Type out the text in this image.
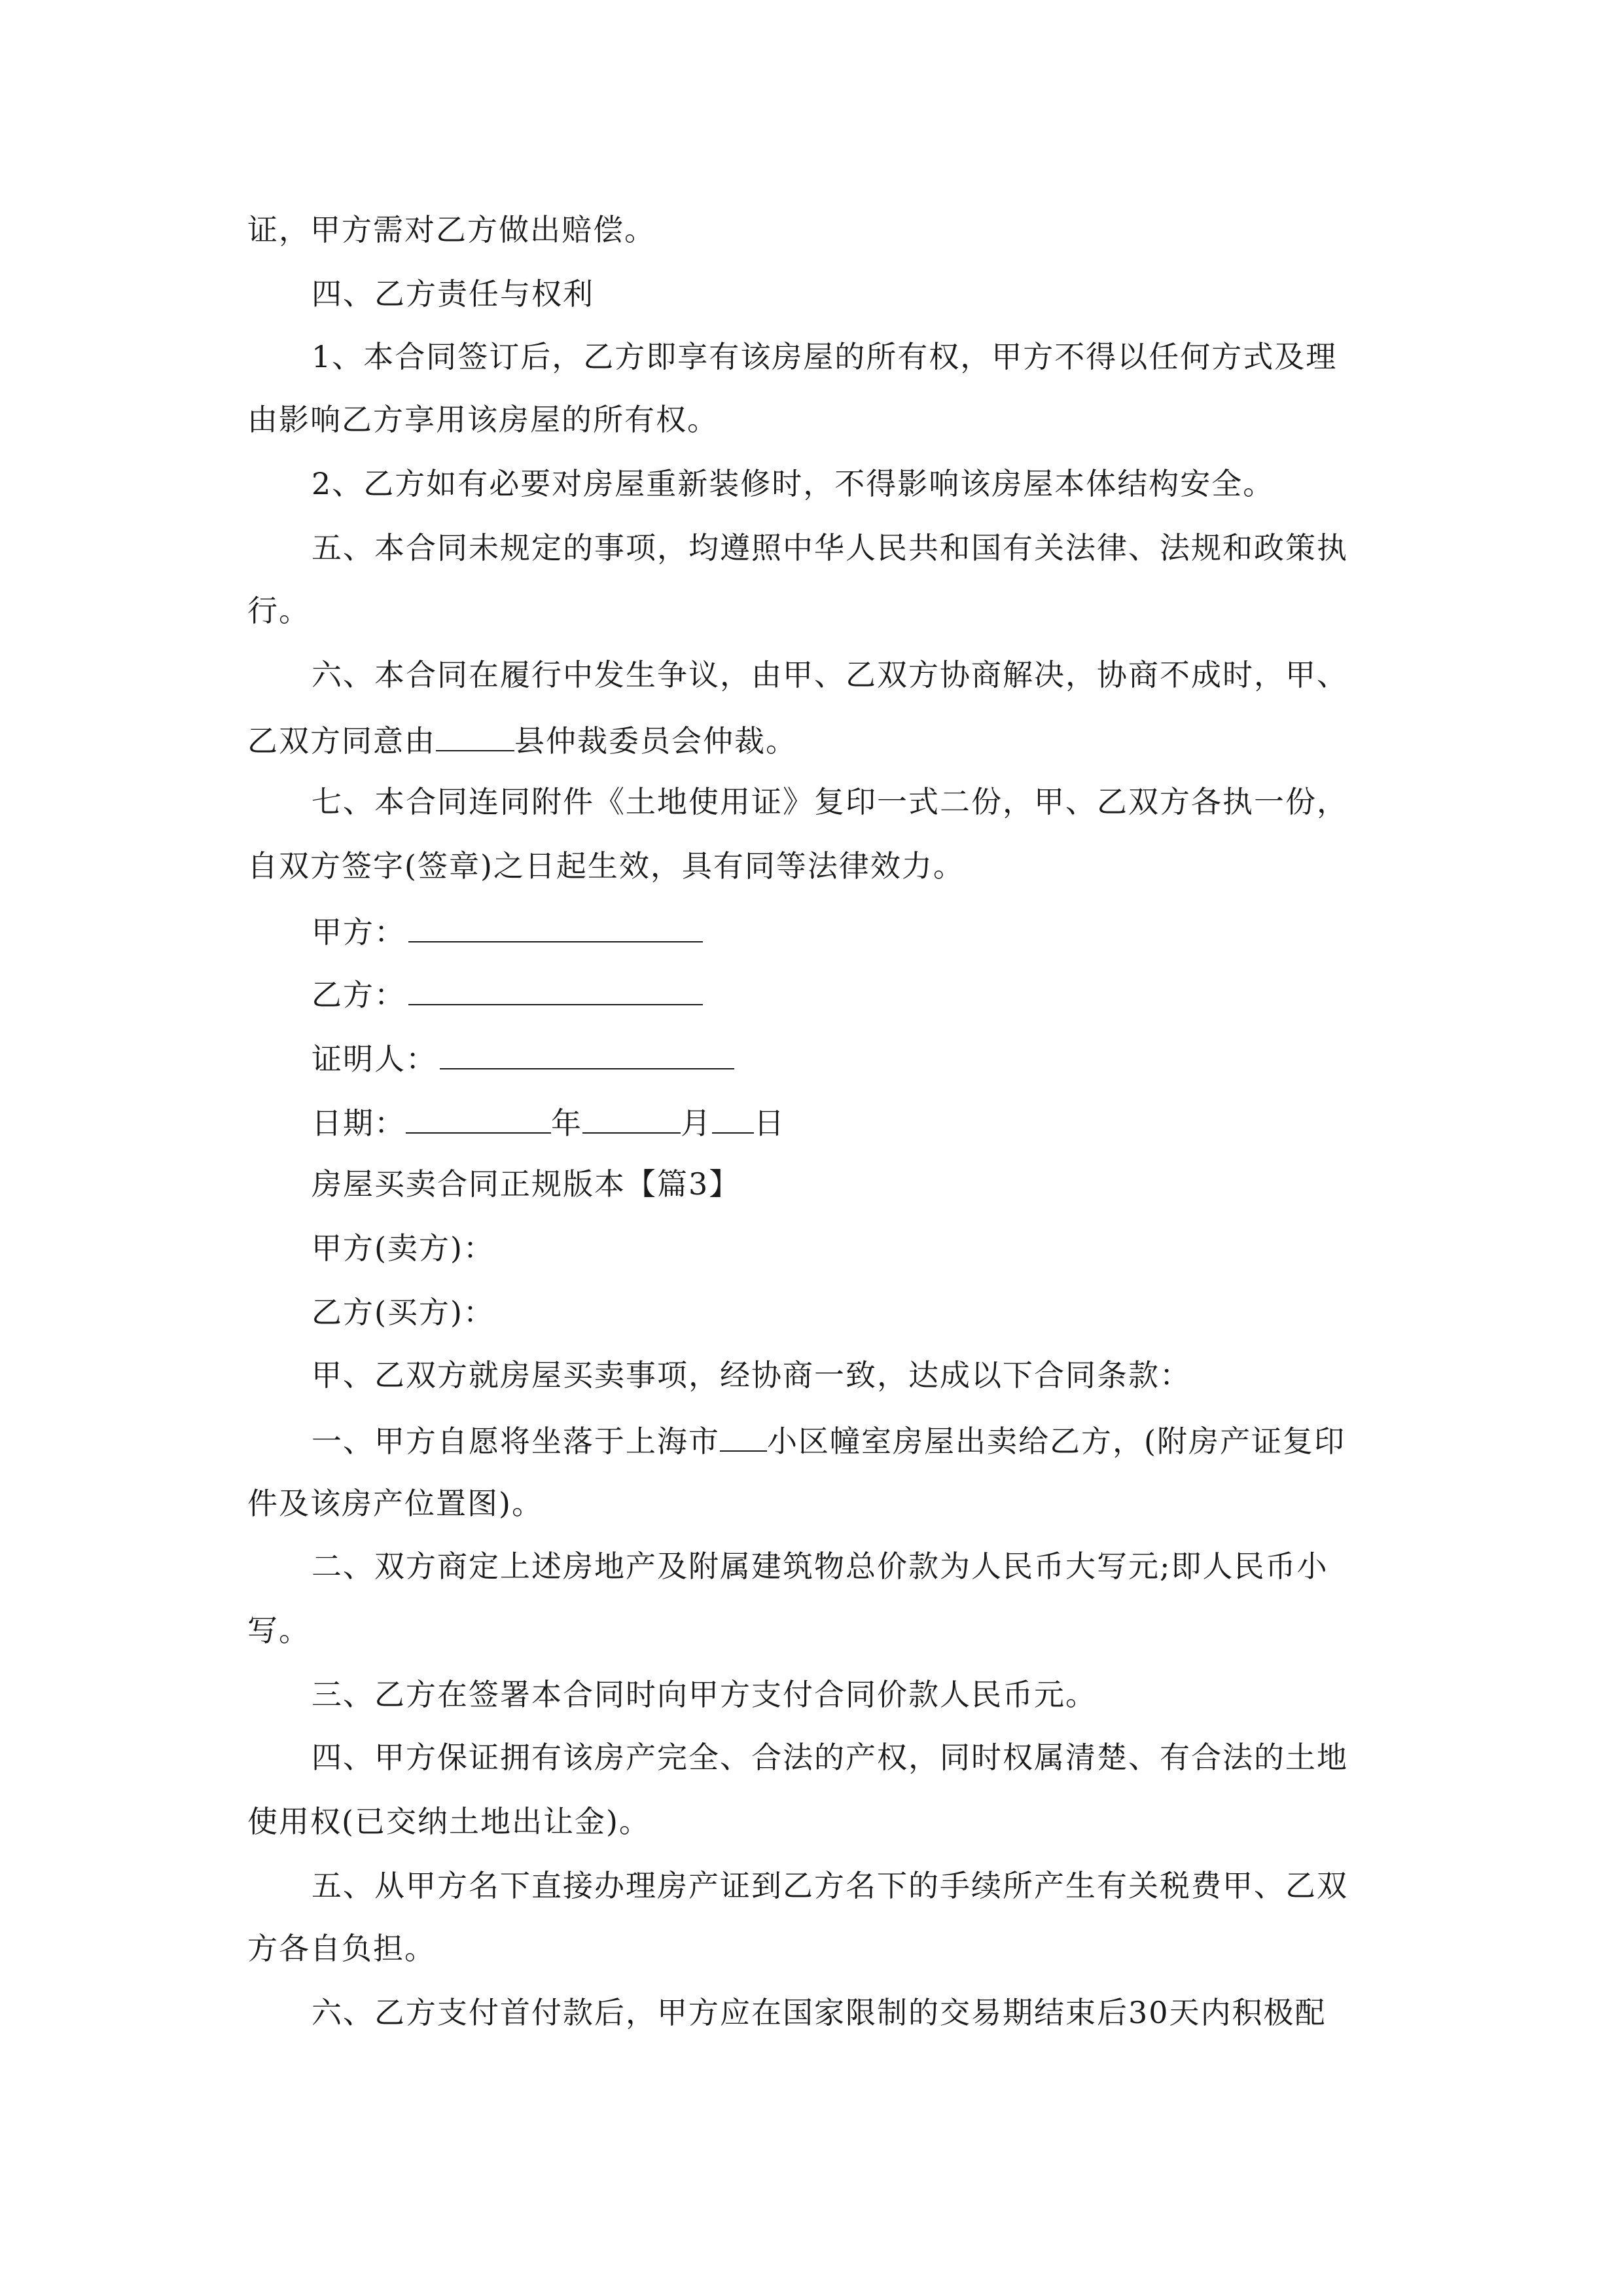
证，甲方需对乙方做出赔偿。
四、乙方责任与权利
1、本合同签订后，乙方即享有该房屋的所有权，甲方不得以任何方式及理
由影响乙方享用该房屋的所有权。
2、乙方如有必要对房屋重新装修时，不得影响该房屋本体结构安全。
五、本合同未规定的事项，均遵照中华人民共和国有关法律、法规和政策执
行。
六、本合同在履行中发生争议，由甲、乙双方协商解决，协商不成时，甲、
乙双方同意由	县仲裁委员会仲裁。
七、本合同连同附件《土地使用证》复印一式二份，甲、乙双方各执一份，
自双方签字(签章)之日起生效，具有同等法律效力。
甲方：
乙方：
证明人：
日期：	年	月 日
房屋买卖合同正规版本【篇3】
甲方(卖方)：
乙方(买方)：
甲、乙双方就房屋买卖事项，经协商一致，达成以下合同条款：
一、甲方自愿将坐落于上海市 小区幢室房屋出卖给乙方，(附房产证复印
件及该房产位置图)。
二、双方商定上述房地产及附属建筑物总价款为人民币大写元;即人民币小
写。
三、乙方在签署本合同时向甲方支付合同价款人民币元。
四、甲方保证拥有该房产完全、合法的产权，同时权属清楚、有合法的土地
使用权(已交纳土地出让金)。
五、从甲方名下直接办理房产证到乙方名下的手续所产生有关税费甲、乙双
方各自负担。
六、乙方支付首付款后，甲方应在国家限制的交易期结束后30天内积极配
